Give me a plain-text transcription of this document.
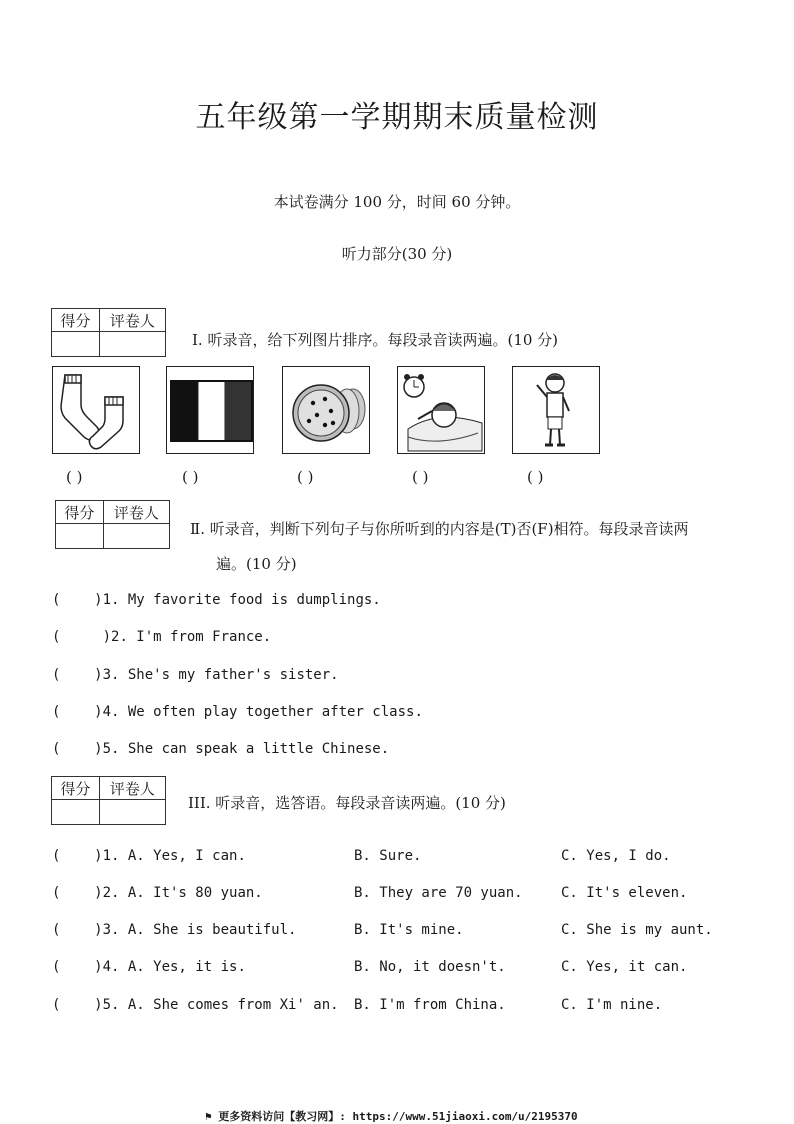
五年级第一学期期末质量检测
本试卷满分 100 分，时间 60 分钟。
听力部分(30 分)
得分	评卷人

Ⅰ. 听录音，给下列图片排序。每段录音读两遍。(10 分)
( )	( )	( )	( )	( )
得分	评卷人

Ⅱ. 听录音，判断下列句子与你所听到的内容是(T)否(F)相符。每段录音读两
遍。(10 分)
(    )1. My favorite food is dumplings.
(     )2. I'm from France.
(    )3. She's my father's sister.
(    )4. We often play together after class.
(    )5. She can speak a little Chinese.
得分	评卷人

III. 听录音，选答语。每段录音读两遍。(10 分)
(    )1. A. Yes, I can.	B. Sure.	C. Yes, I do.
(    )2. A. It's 80 yuan.	B. They are 70 yuan.	C. It's eleven.
(    )3. A. She is beautiful.	B. It's mine.	C. She is my aunt.
(    )4. A. Yes, it is.	B. No, it doesn't.	C. Yes, it can.
(    )5. A. She comes from Xi' an. B. I'm from China.	C. I'm nine.
⚑ 更多资料访问【教习网】: https://www.51jiaoxi.com/u/2195370
